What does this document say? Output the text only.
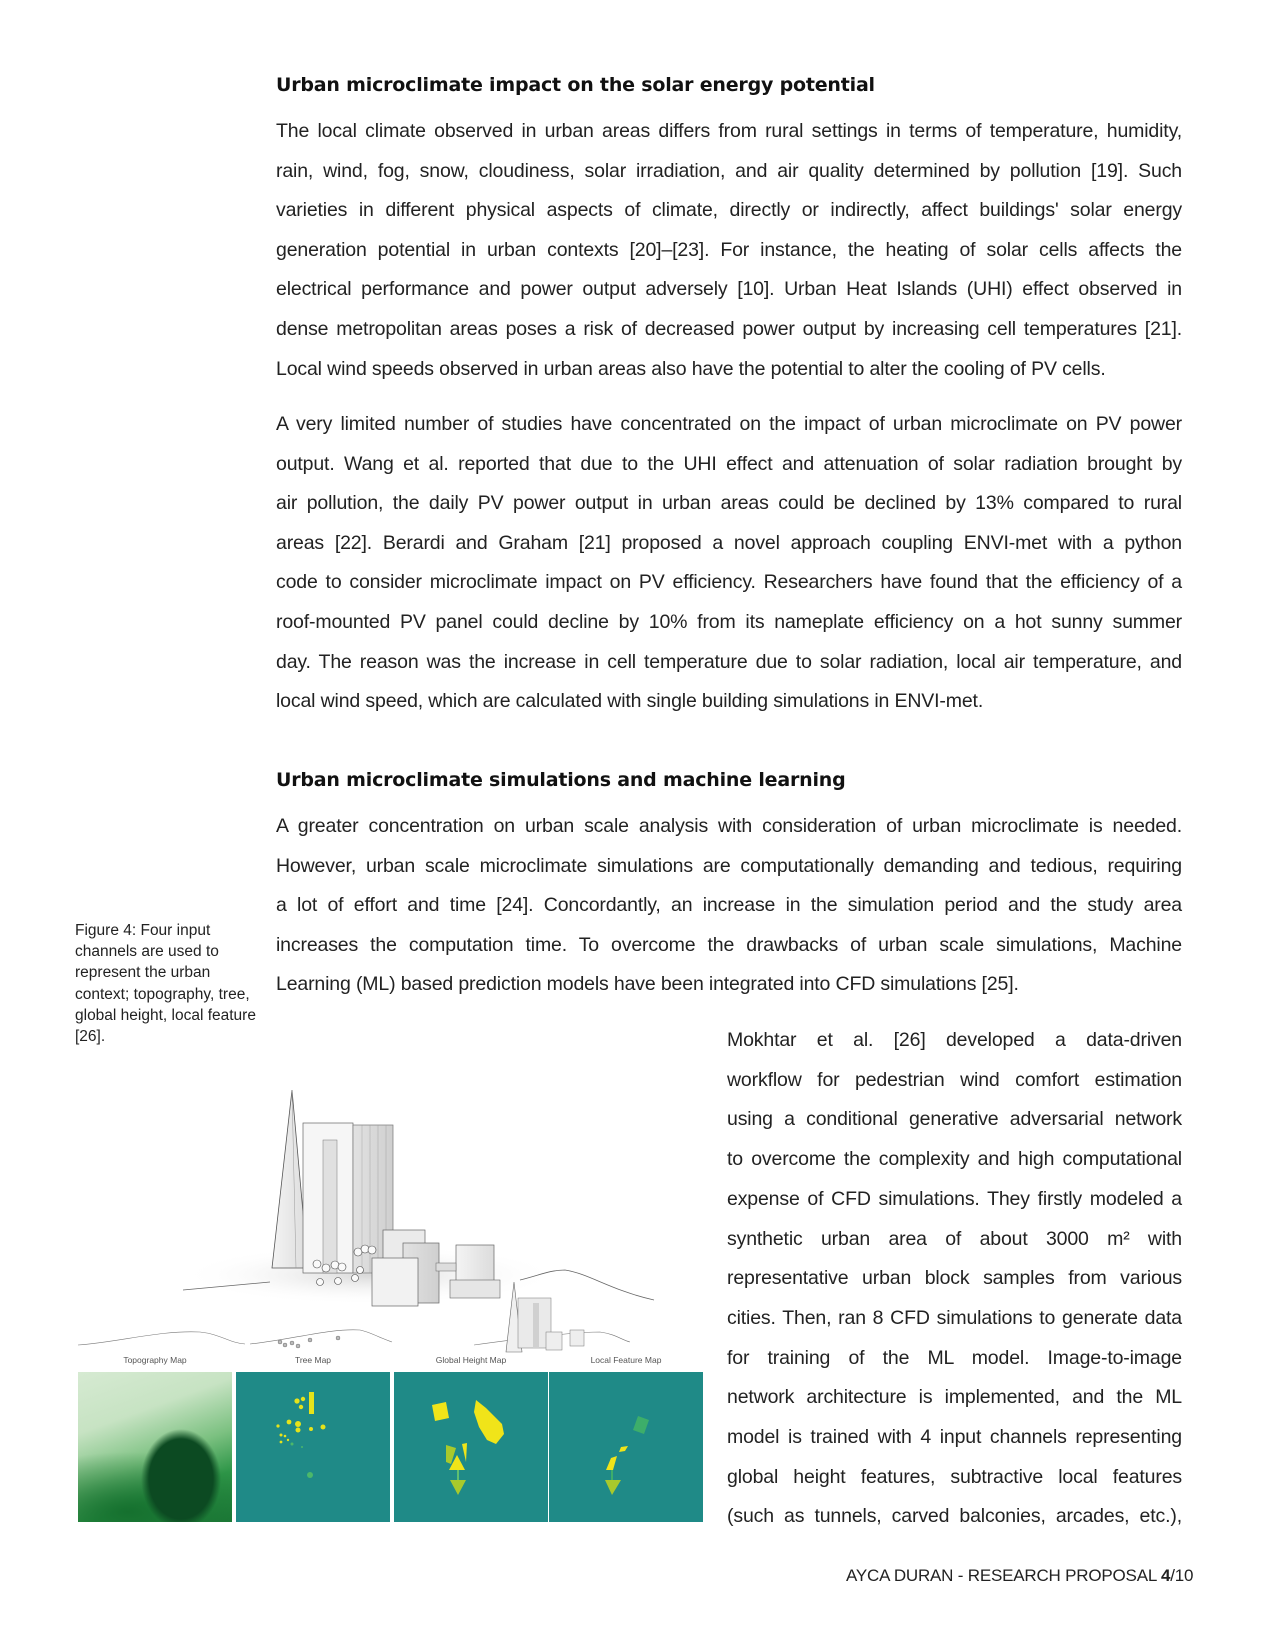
Urban microclimate impact on the solar energy potential
The local climate observed in urban areas differs from rural settings in terms of temperature, humidity,
rain, wind, fog, snow, cloudiness, solar irradiation, and air quality determined by pollution [19]. Such
varieties in different physical aspects of climate, directly or indirectly, affect buildings' solar energy
generation potential in urban contexts [20]–[23]. For instance, the heating of solar cells affects the
electrical performance and power output adversely [10]. Urban Heat Islands (UHI) effect observed in
dense metropolitan areas poses a risk of decreased power output by increasing cell temperatures [21].
Local wind speeds observed in urban areas also have the potential to alter the cooling of PV cells.
A very limited number of studies have concentrated on the impact of urban microclimate on PV power
output. Wang et al. reported that due to the UHI effect and attenuation of solar radiation brought by
air pollution, the daily PV power output in urban areas could be declined by 13% compared to rural
areas [22]. Berardi and Graham [21] proposed a novel approach coupling ENVI-met with a python
code to consider microclimate impact on PV efficiency. Researchers have found that the efficiency of a
roof-mounted PV panel could decline by 10% from its nameplate efficiency on a hot sunny summer
day. The reason was the increase in cell temperature due to solar radiation, local air temperature, and
local wind speed, which are calculated with single building simulations in ENVI-met.
Urban microclimate simulations and machine learning
A greater concentration on urban scale analysis with consideration of urban microclimate is needed.
However, urban scale microclimate simulations are computationally demanding and tedious, requiring
a lot of effort and time [24]. Concordantly, an increase in the simulation period and the study area
increases the computation time. To overcome the drawbacks of urban scale simulations, Machine
Learning (ML) based prediction models have been integrated into CFD simulations [25].
Figure 4: Four input
channels are used to
represent the urban
context; topography, tree,
global height, local feature
[26].	Mokhtar et al. [26] developed a data-driven
workflow for pedestrian wind comfort estimation
using a conditional generative adversarial network
to overcome the complexity and high computational
expense of CFD simulations. They firstly modeled a
synthetic urban area of about 3000 m² with
representative urban block samples from various
cities. Then, ran 8 CFD simulations to generate data
for training of the ML model. Image-to-image
network architecture is implemented, and the ML
model is trained with 4 input channels representing
global height features, subtractive local features
(such as tunnels, carved balconies, arcades, etc.),
Topography Map	Tree Map	Global Height Map	Local Feature Map
AYCA DURAN - RESEARCH PROPOSAL 4/10
